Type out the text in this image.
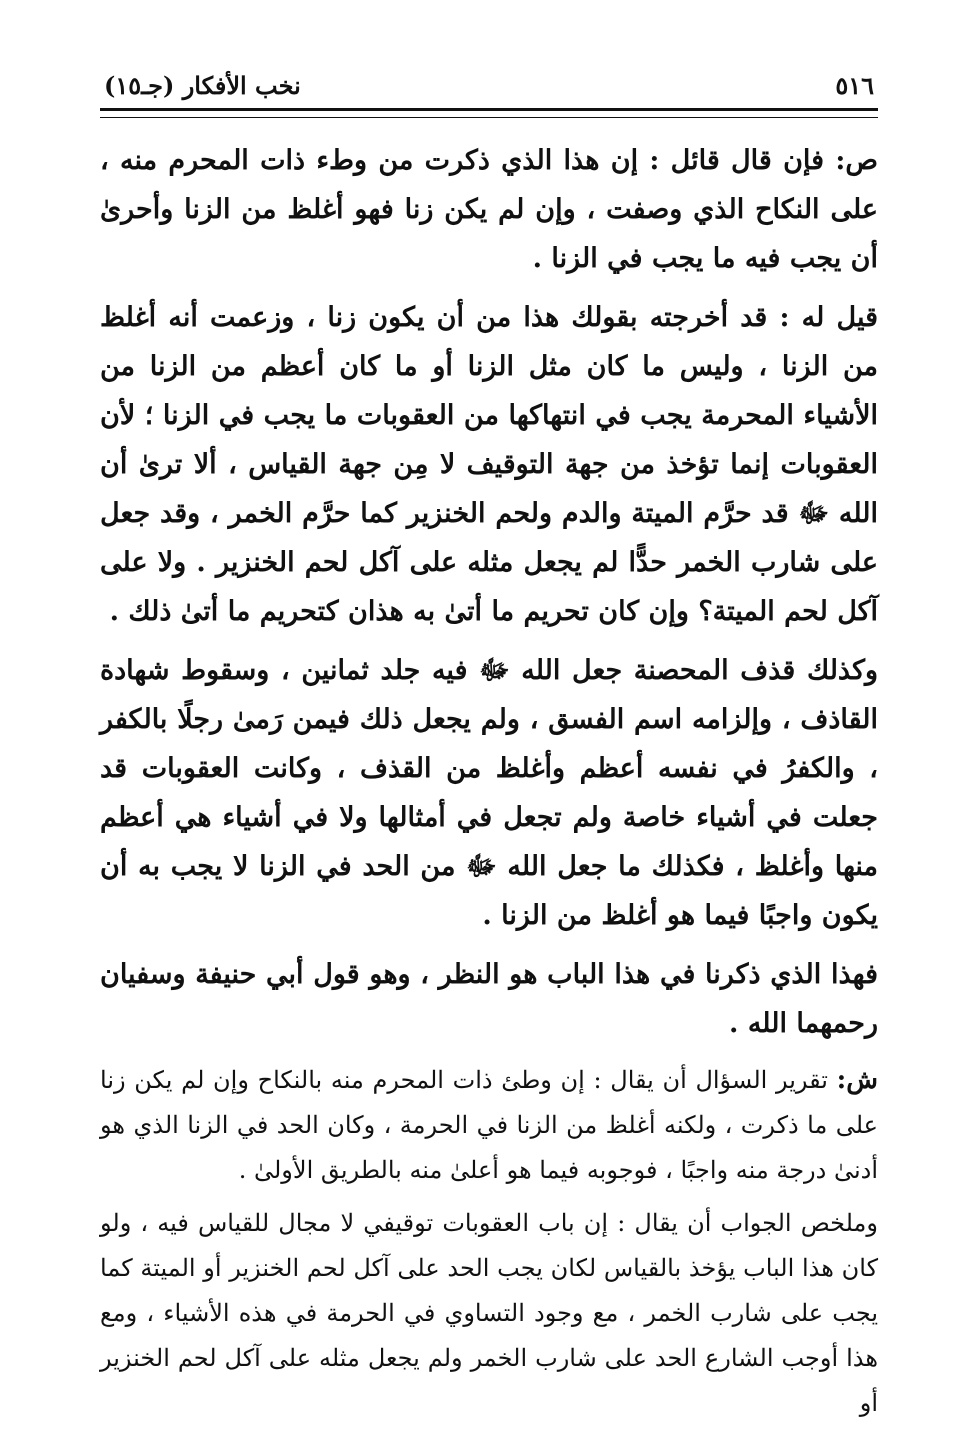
٥١٦
نخب الأفكار (جـ١٥)

ص: فإن قال قائل : إن هذا الذي ذكرت من وطء ذات المحرم منه ، على النكاح الذي وصفت ، وإن لم يكن زنا فهو أغلظ من الزنا وأحرىٰ أن يجب فيه ما يجب في الزنا .

قيل له : قد أخرجته بقولك هذا من أن يكون زنا ، وزعمت أنه أغلظ من الزنا ، وليس ما كان مثل الزنا أو ما كان أعظم من الزنا من الأشياء المحرمة يجب في انتهاكها من العقوبات ما يجب في الزنا ؛ لأن العقوبات إنما تؤخذ من جهة التوقيف لا مِن جهة القياس ، ألا ترىٰ أن الله ﷻ قد حرَّم الميتة والدم ولحم الخنزير كما حرَّم الخمر ، وقد جعل على شارب الخمر حدًّا لم يجعل مثله على آكل لحم الخنزير . ولا على آكل لحم الميتة؟ وإن كان تحريم ما أتىٰ به هذان كتحريم ما أتىٰ ذلك .

وكذلك قذف المحصنة جعل الله ﷻ فيه جلد ثمانين ، وسقوط شهادة القاذف ، وإلزامه اسم الفسق ، ولم يجعل ذلك فيمن رَمىٰ رجلًا بالكفر ، والكفرُ في نفسه أعظم وأغلظ من القذف ، وكانت العقوبات قد جعلت في أشياء خاصة ولم تجعل في أمثالها ولا في أشياء هي أعظم منها وأغلظ ، فكذلك ما جعل الله ﷻ من الحد في الزنا لا يجب به أن يكون واجبًا فيما هو أغلظ من الزنا .

فهذا الذي ذكرنا في هذا الباب هو النظر ، وهو قول أبي حنيفة وسفيان رحمهما الله .

ش: تقرير السؤال أن يقال : إن وطئ ذات المحرم منه بالنكاح وإن لم يكن زنا على ما ذكرت ، ولكنه أغلظ من الزنا في الحرمة ، وكان الحد في الزنا الذي هو أدنىٰ درجة منه واجبًا ، فوجوبه فيما هو أعلىٰ منه بالطريق الأولىٰ .

وملخص الجواب أن يقال : إن باب العقوبات توقيفي لا مجال للقياس فيه ، ولو كان هذا الباب يؤخذ بالقياس لكان يجب الحد على آكل لحم الخنزير أو الميتة كما يجب على شارب الخمر ، مع وجود التساوي في الحرمة في هذه الأشياء ، ومع هذا أوجب الشارع الحد على شارب الخمر ولم يجعل مثله على آكل لحم الخنزير أو
